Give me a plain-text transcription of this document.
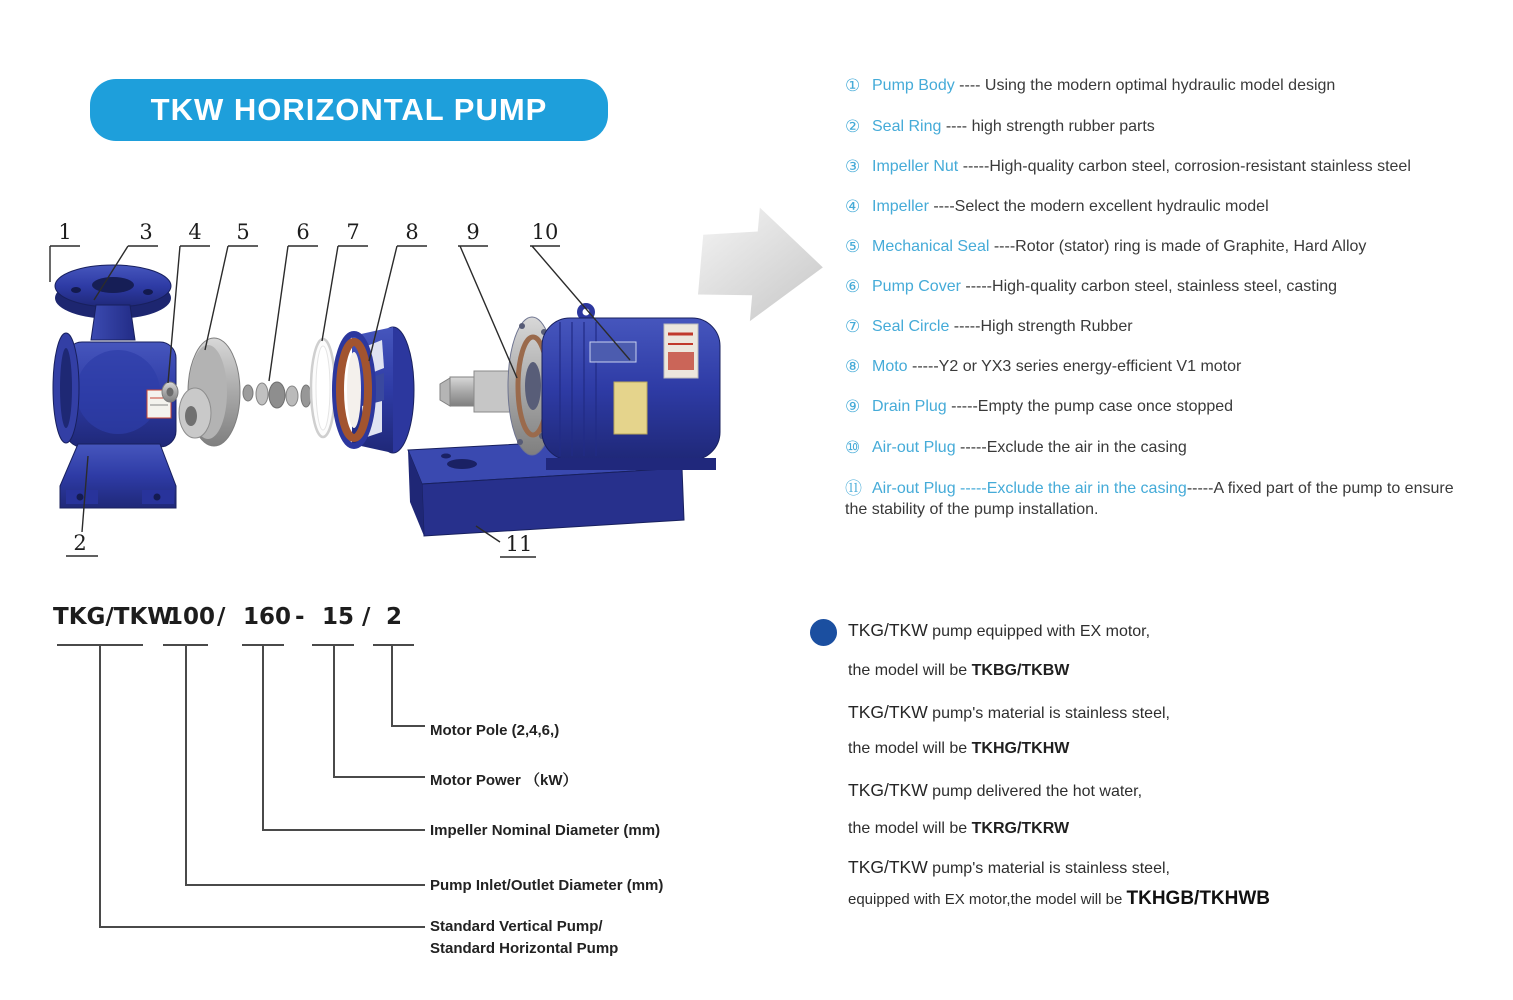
TKW HORIZONTAL PUMP
1	3 4 5 6 7 8 9 10
2	11
① Pump Body ---- Using the modern optimal hydraulic model design
② Seal Ring ---- high strength rubber parts
③ Impeller Nut -----High-quality carbon steel, corrosion-resistant stainless steel
④ Impeller ----Select the modern excellent hydraulic model
⑤ Mechanical Seal ----Rotor (stator) ring is made of Graphite, Hard Alloy
⑥ Pump Cover -----High-quality carbon steel, stainless steel, casting
⑦ Seal Circle -----High strength Rubber
⑧ Moto -----Y2 or YX3 series energy-efficient V1 motor
⑨ Drain Plug -----Empty the pump case once stopped
⑩ Air-out Plug -----Exclude the air in the casing
⑪ Air-out Plug -----Exclude the air in the casing-----A fixed part of the pump to ensure the stability of the pump installation.
TKG/TKW
100 / 160 - 15 / 2
Motor Pole (2,4,6,)
Motor Power （kW）
Impeller Nominal Diameter (mm)
Pump Inlet/Outlet Diameter (mm)
Standard Vertical Pump/
Standard Horizontal Pump
TKG/TKW pump equipped with EX motor,
the model will be TKBG/TKBW
TKG/TKW pump's material is stainless steel,
the model will be TKHG/TKHW
TKG/TKW pump delivered the hot water,
the model will be TKRG/TKRW
TKG/TKW pump's material is stainless steel,
equipped with EX motor,the model will be TKHGB/TKHWB
